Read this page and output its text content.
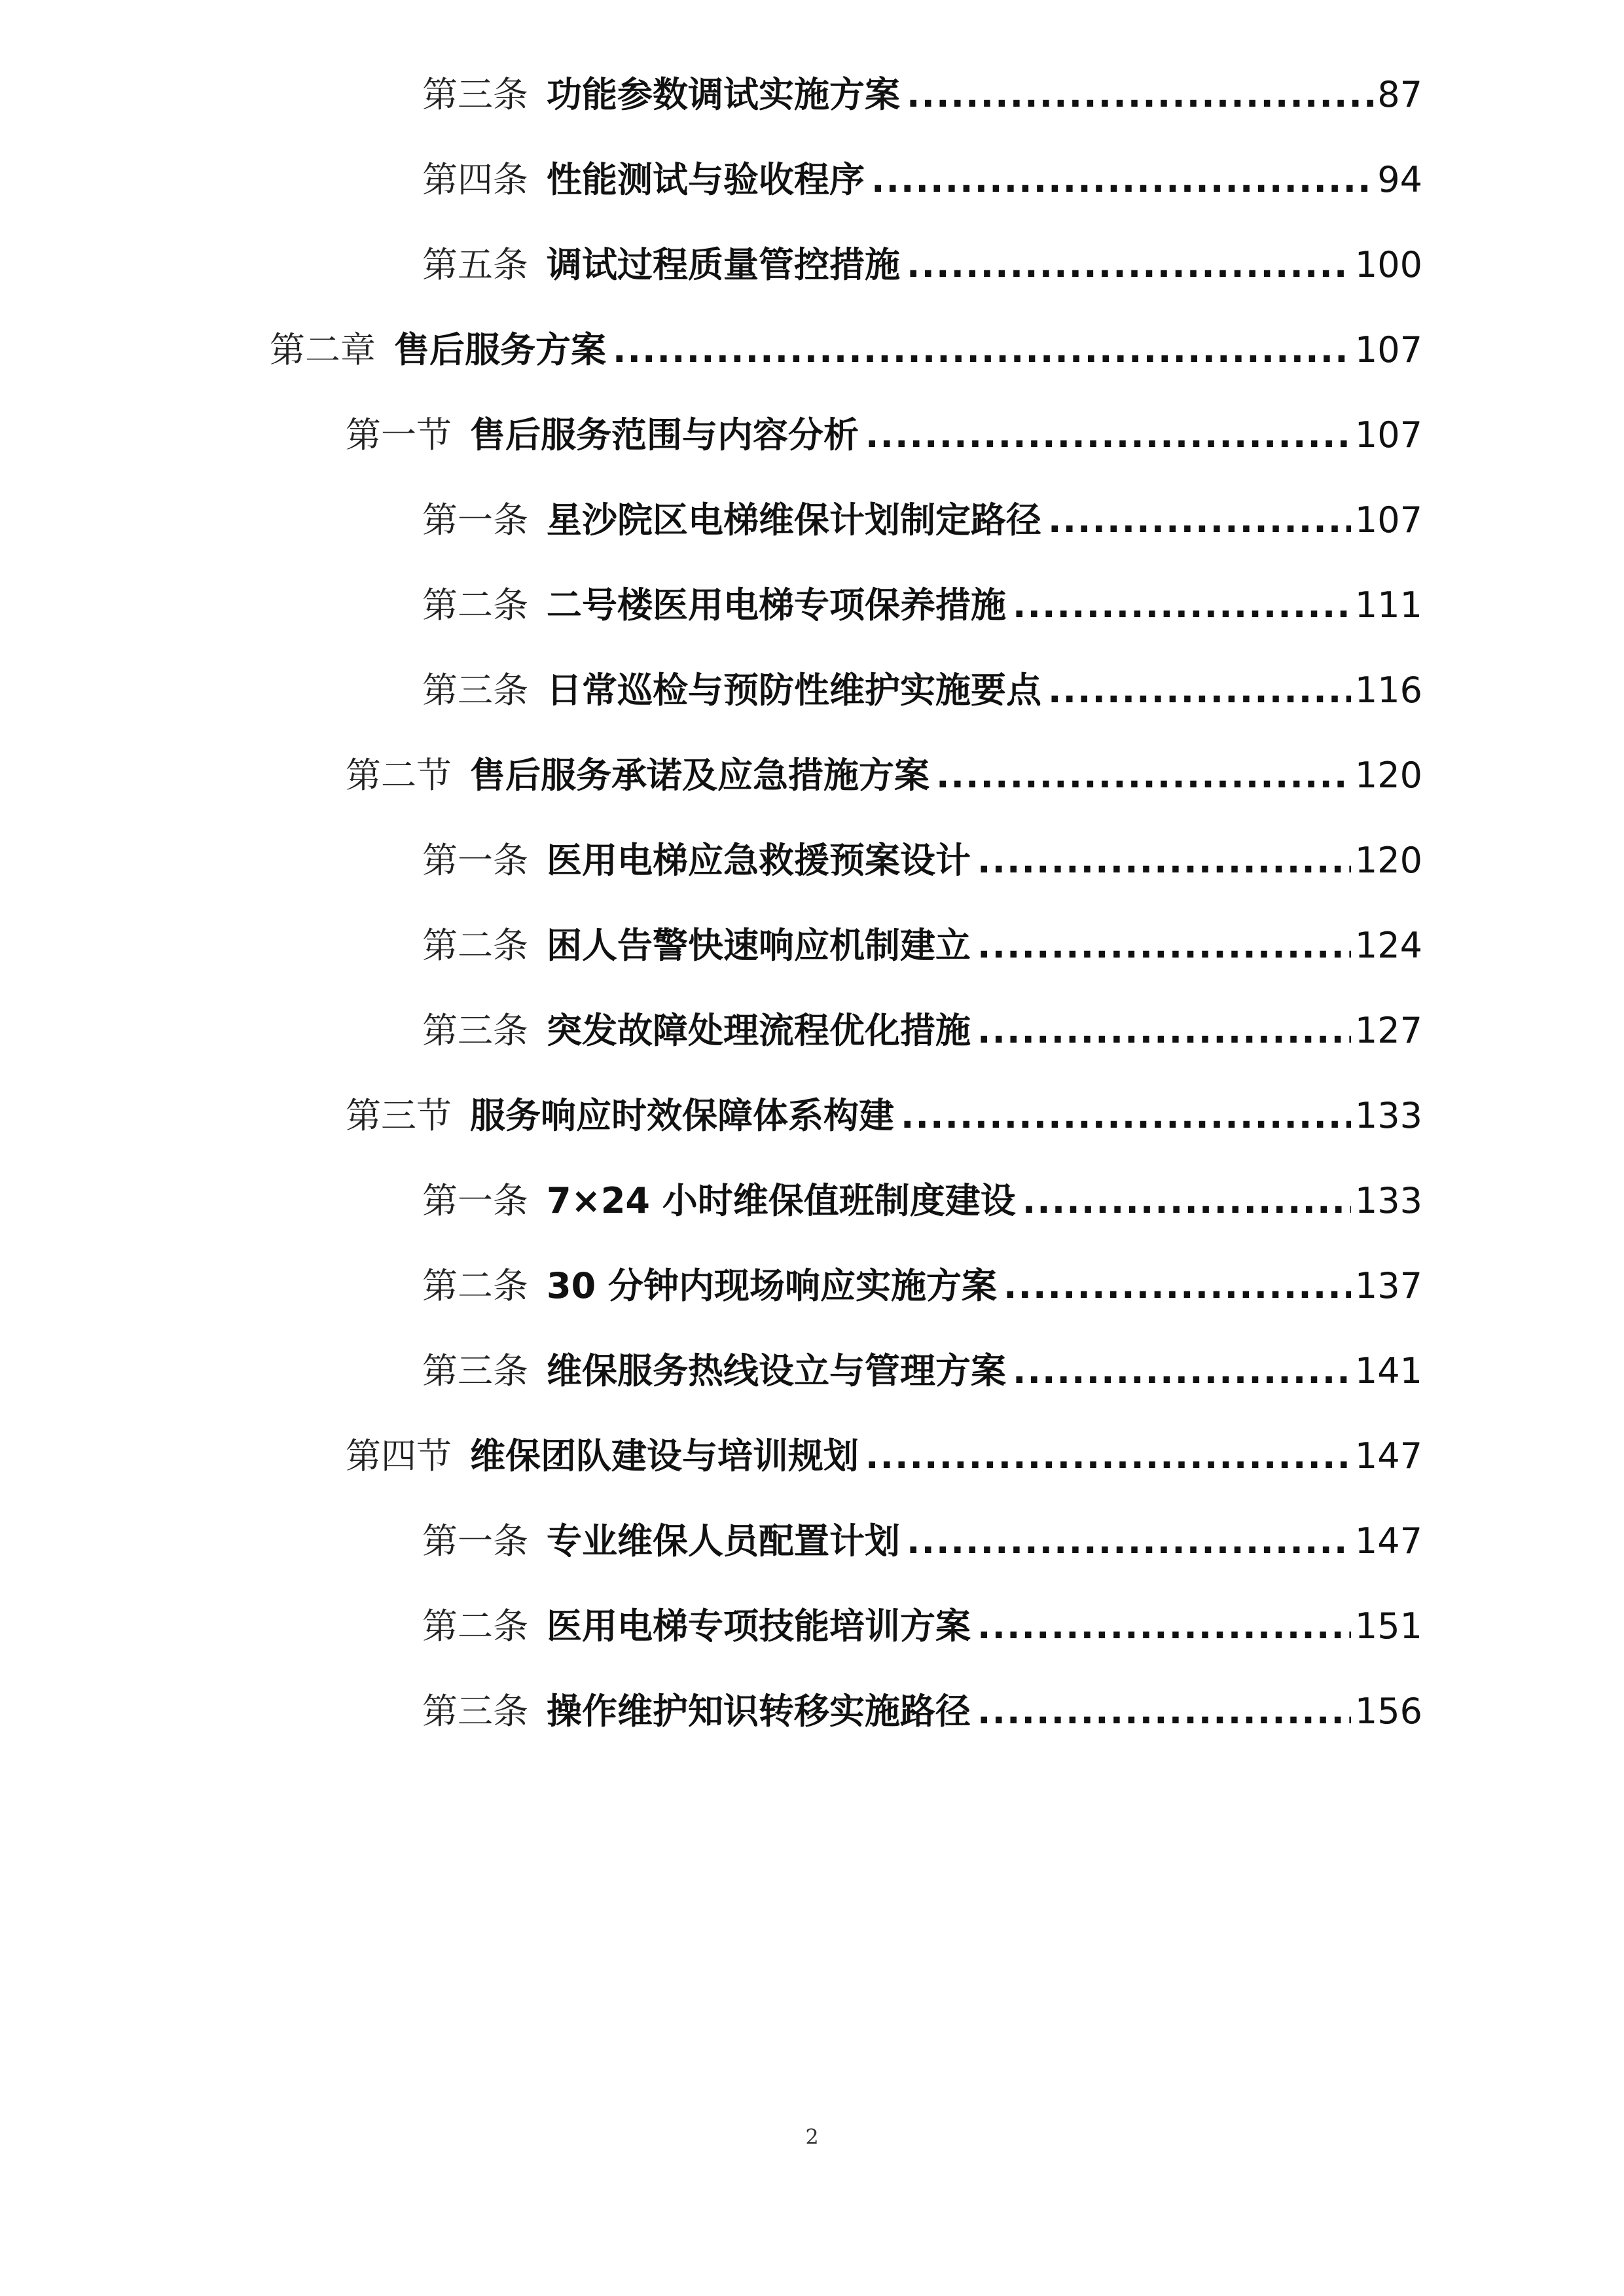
第三条 功能参数调试实施方案 .....	87
第四条 性能测试与验收程序 .....	94
第五条 调试过程质量管控措施 .....	100
第二章 售后服务方案 .....	107
第一节 售后服务范围与内容分析 .....	107
第一条 星沙院区电梯维保计划制定路径 .....	107
第二条 二号楼医用电梯专项保养措施 .....	111
第三条 日常巡检与预防性维护实施要点 .....	116
第二节 售后服务承诺及应急措施方案 .....	120
第一条 医用电梯应急救援预案设计 .....	120
第二条 困人告警快速响应机制建立 .....	124
第三条 突发故障处理流程优化措施 .....	127
第三节 服务响应时效保障体系构建 .....	133
第一条 7×24 小时维保值班制度建设 .....	133
第二条 30 分钟内现场响应实施方案 .....	137
第三条 维保服务热线设立与管理方案 .....	141
第四节 维保团队建设与培训规划 .....	147
第一条 专业维保人员配置计划 .....	147
第二条 医用电梯专项技能培训方案 .....	151
第三条 操作维护知识转移实施路径 .....	156
2
